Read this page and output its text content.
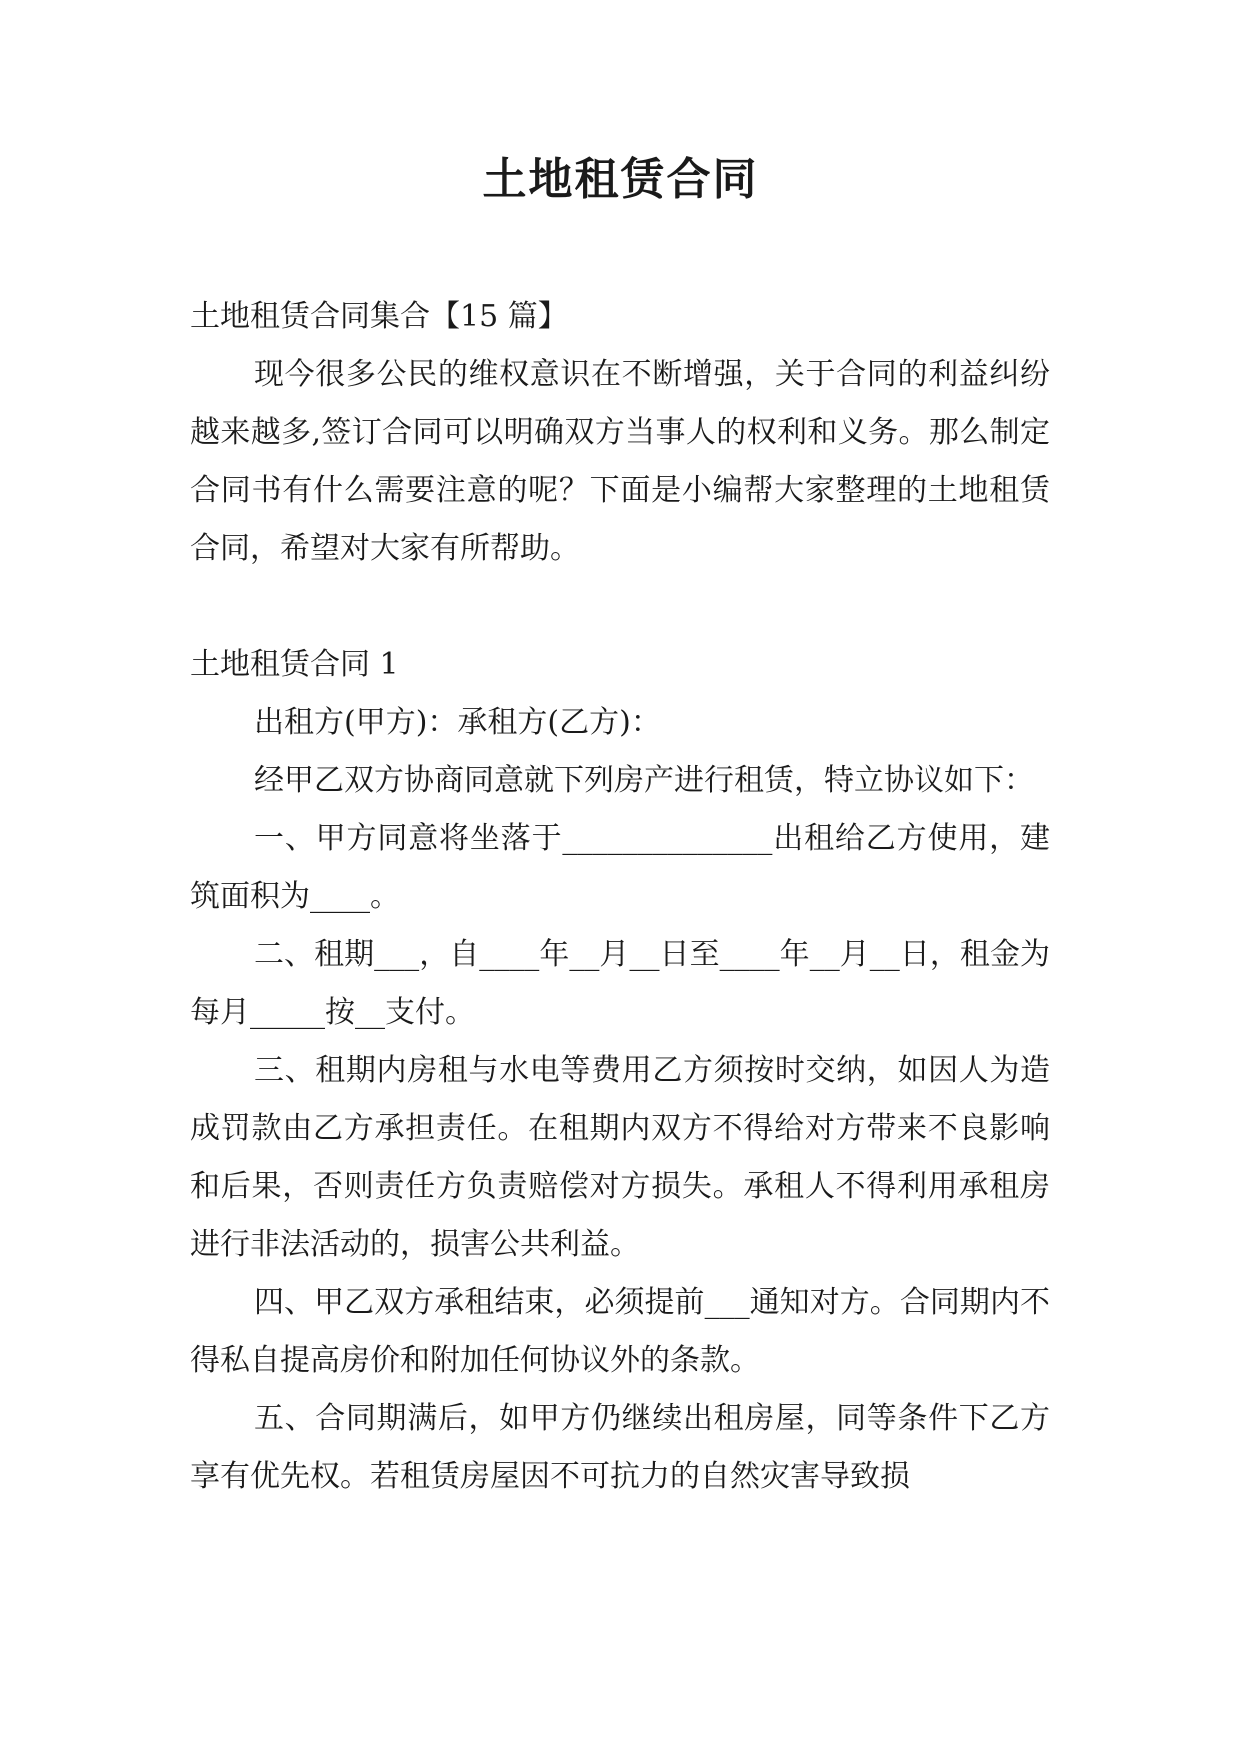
土地租赁合同

土地租赁合同集合【15 篇】

现今很多公民的维权意识在不断增强，关于合同的利益纠纷越来越多,签订合同可以明确双方当事人的权利和义务。那么制定合同书有什么需要注意的呢？下面是小编帮大家整理的土地租赁合同，希望对大家有所帮助。

土地租赁合同 1

出租方(甲方)：承租方(乙方)：

经甲乙双方协商同意就下列房产进行租赁，特立协议如下：

一、甲方同意将坐落于______________出租给乙方使用，建筑面积为____。

二、租期___，自____年__月__日至____年__月__日，租金为每月_____按__支付。

三、租期内房租与水电等费用乙方须按时交纳，如因人为造成罚款由乙方承担责任。在租期内双方不得给对方带来不良影响和后果，否则责任方负责赔偿对方损失。承租人不得利用承租房进行非法活动的，损害公共利益。

四、甲乙双方承租结束，必须提前___通知对方。合同期内不得私自提高房价和附加任何协议外的条款。

五、合同期满后，如甲方仍继续出租房屋，同等条件下乙方享有优先权。若租赁房屋因不可抗力的自然灾害导致损
